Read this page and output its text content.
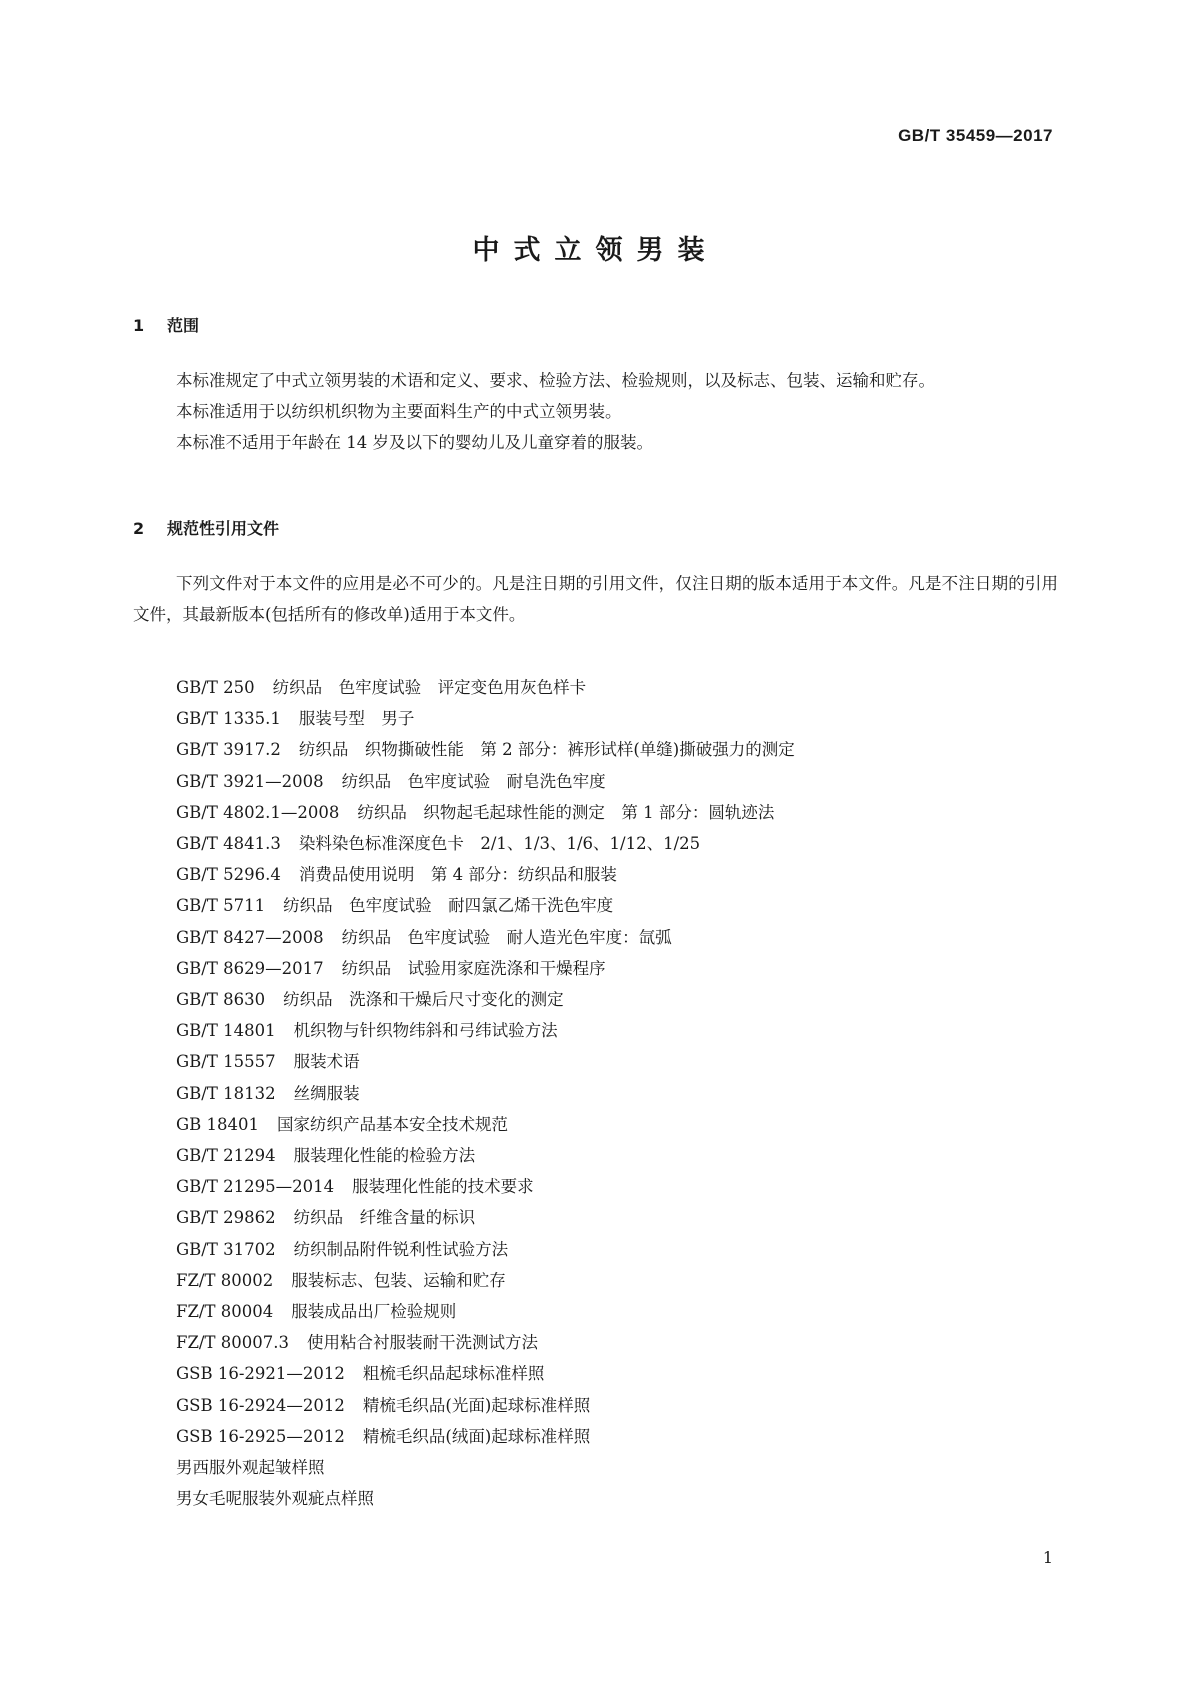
GB/T 35459—2017
中式立领男装
1 范围

本标准规定了中式立领男装的术语和定义、要求、检验方法、检验规则，以及标志、包装、运输和贮存。

本标准适用于以纺织机织物为主要面料生产的中式立领男装。

本标准不适用于年龄在 14 岁及以下的婴幼儿及儿童穿着的服装。

2 规范性引用文件

下列文件对于本文件的应用是必不可少的。凡是注日期的引用文件，仅注日期的版本适用于本文件。凡是不注日期的引用文件，其最新版本(包括所有的修改单)适用于本文件。

GB/T 250 纺织品　色牢度试验　评定变色用灰色样卡
GB/T 1335.1 服装号型　男子
GB/T 3917.2 纺织品　织物撕破性能　第 2 部分：裤形试样(单缝)撕破强力的测定
GB/T 3921—2008 纺织品　色牢度试验　耐皂洗色牢度
GB/T 4802.1—2008 纺织品　织物起毛起球性能的测定　第 1 部分：圆轨迹法
GB/T 4841.3 染料染色标准深度色卡　2/1、1/3、1/6、1/12、1/25
GB/T 5296.4 消费品使用说明　第 4 部分：纺织品和服装
GB/T 5711 纺织品　色牢度试验　耐四氯乙烯干洗色牢度
GB/T 8427—2008 纺织品　色牢度试验　耐人造光色牢度：氙弧
GB/T 8629—2017 纺织品　试验用家庭洗涤和干燥程序
GB/T 8630 纺织品　洗涤和干燥后尺寸变化的测定
GB/T 14801 机织物与针织物纬斜和弓纬试验方法
GB/T 15557 服装术语
GB/T 18132 丝绸服装
GB 18401 国家纺织产品基本安全技术规范
GB/T 21294 服装理化性能的检验方法
GB/T 21295—2014 服装理化性能的技术要求
GB/T 29862 纺织品　纤维含量的标识
GB/T 31702 纺织制品附件锐利性试验方法
FZ/T 80002 服装标志、包装、运输和贮存
FZ/T 80004 服装成品出厂检验规则
FZ/T 80007.3 使用粘合衬服装耐干洗测试方法
GSB 16-2921—2012 粗梳毛织品起球标准样照
GSB 16-2924—2012 精梳毛织品(光面)起球标准样照
GSB 16-2925—2012 精梳毛织品(绒面)起球标准样照
男西服外观起皱样照
男女毛呢服装外观疵点样照
1
